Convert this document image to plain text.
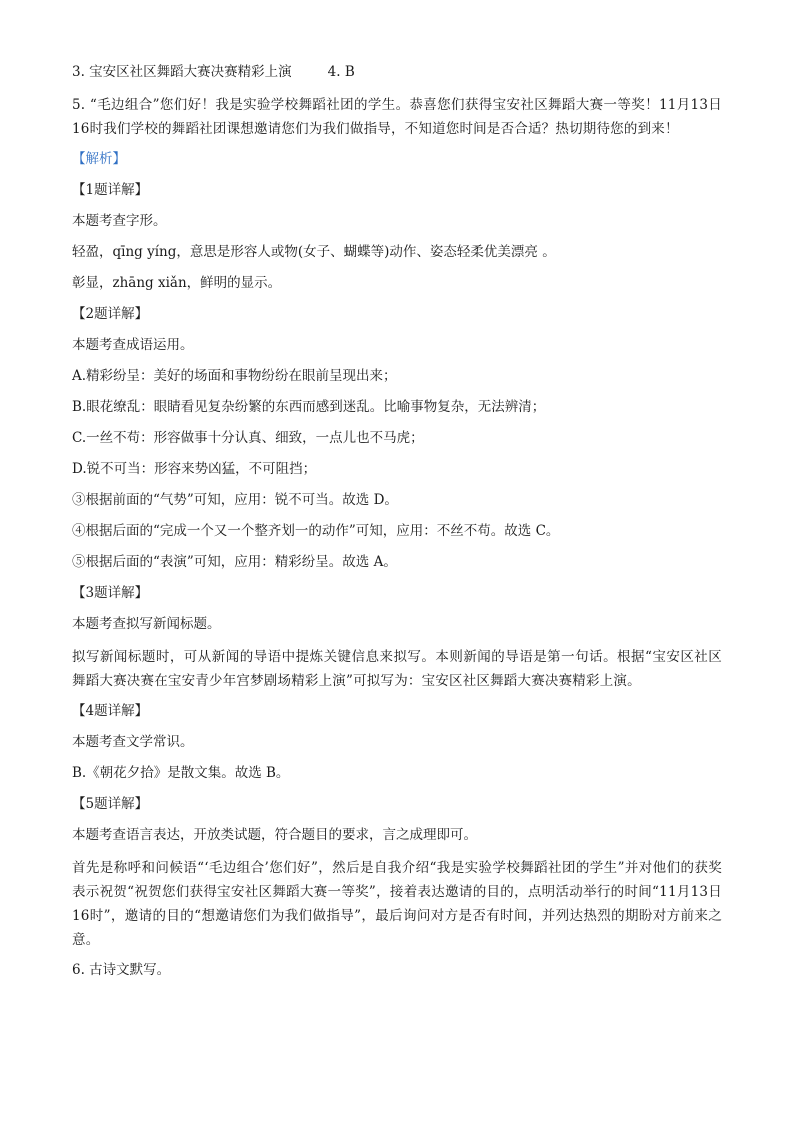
3. 宝安区社区舞蹈大赛决赛精彩上演	4. B
5. “毛边组合”您们好！我是实验学校舞蹈社团的学生。恭喜您们获得宝安社区舞蹈大赛一等奖！11月13日16时我们学校的舞蹈社团课想邀请您们为我们做指导，不知道您时间是否合适？热切期待您的到来！
【解析】
【1题详解】
本题考查字形。
轻盈，qīng yíng，意思是形容人或物(女子、蝴蝶等)动作、姿态轻柔优美漂亮 。
彰显，zhāng xiǎn，鲜明的显示。
【2题详解】
本题考查成语运用。
A.精彩纷呈：美好的场面和事物纷纷在眼前呈现出来；
B.眼花缭乱：眼睛看见复杂纷繁的东西而感到迷乱。比喻事物复杂，无法辨清；
C.一丝不苟：形容做事十分认真、细致，一点儿也不马虎；
D.锐不可当：形容来势凶猛，不可阻挡；
③根据前面的“气势”可知，应用：锐不可当。故选 D。
④根据后面的“完成一个又一个整齐划一的动作”可知，应用：不丝不苟。故选 C。
⑤根据后面的“表演”可知，应用：精彩纷呈。故选 A。
【3题详解】
本题考查拟写新闻标题。
拟写新闻标题时，可从新闻的导语中提炼关键信息来拟写。本则新闻的导语是第一句话。根据“宝安区社区舞蹈大赛决赛在宝安青少年宫梦剧场精彩上演”可拟写为：宝安区社区舞蹈大赛决赛精彩上演。
【4题详解】
本题考查文学常识。
B.《朝花夕拾》是散文集。故选 B。
【5题详解】
本题考查语言表达，开放类试题，符合题目的要求，言之成理即可。
首先是称呼和问候语“‘毛边组合’您们好”，然后是自我介绍“我是实验学校舞蹈社团的学生”并对他们的获奖表示祝贺“祝贺您们获得宝安社区舞蹈大赛一等奖”，接着表达邀请的目的，点明活动举行的时间“11月13日16时”，邀请的目的“想邀请您们为我们做指导”，最后询问对方是否有时间，并列达热烈的期盼对方前来之意。
6. 古诗文默写。
